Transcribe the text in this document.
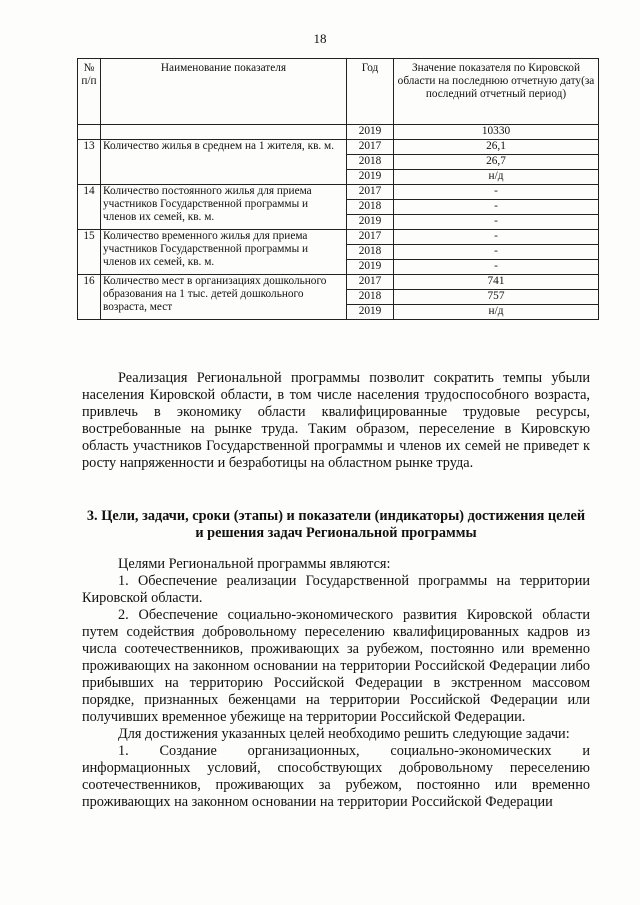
18
№ п/п	Наименование показателя	Год	Значение показателя по Кировской области на последнюю отчетную дату(за последний отчетный период)
		2019	10330
13	Количество жилья в среднем на 1 жителя, кв. м.	2017	26,1
		2018	26,7
		2019	н/д
14	Количество постоянного жилья для приема участников Государственной программы и членов их семей, кв. м.	2017	-
		2018	-
		2019	-
15	Количество временного жилья для приема участников Государственной программы и членов их семей, кв. м.	2017	-
		2018	-
		2019	-
16	Количество мест в организациях дошкольного образования на 1 тыс. детей дошкольного возраста, мест	2017	741
		2018	757
		2019	н/д

Реализация Региональной программы позволит сократить темпы убыли населения Кировской области, в том числе населения трудоспособного возраста, привлечь в экономику области квалифицированные трудовые ресурсы, востребованные на рынке труда. Таким образом, переселение в Кировскую область участников Государственной программы и членов их семей не приведет к росту напряженности и безработицы на областном рынке труда.

3. Цели, задачи, сроки (этапы) и показатели (индикаторы) достижения целей и решения задач Региональной программы

Целями Региональной программы являются:

1. Обеспечение реализации Государственной программы на территории Кировской области.

2. Обеспечение социально-экономического развития Кировской области путем содействия добровольному переселению квалифицированных кадров из числа соотечественников, проживающих за рубежом, постоянно или временно проживающих на законном основании на территории Российской Федерации либо прибывших на территорию Российской Федерации в экстренном массовом порядке, признанных беженцами на территории Российской Федерации или получивших временное убежище на территории Российской Федерации.

Для достижения указанных целей необходимо решить следующие задачи:

1. Создание организационных, социально-экономических и информационных условий, способствующих добровольному переселению соотечественников, проживающих за рубежом, постоянно или временно проживающих на законном основании на территории Российской Федерации
